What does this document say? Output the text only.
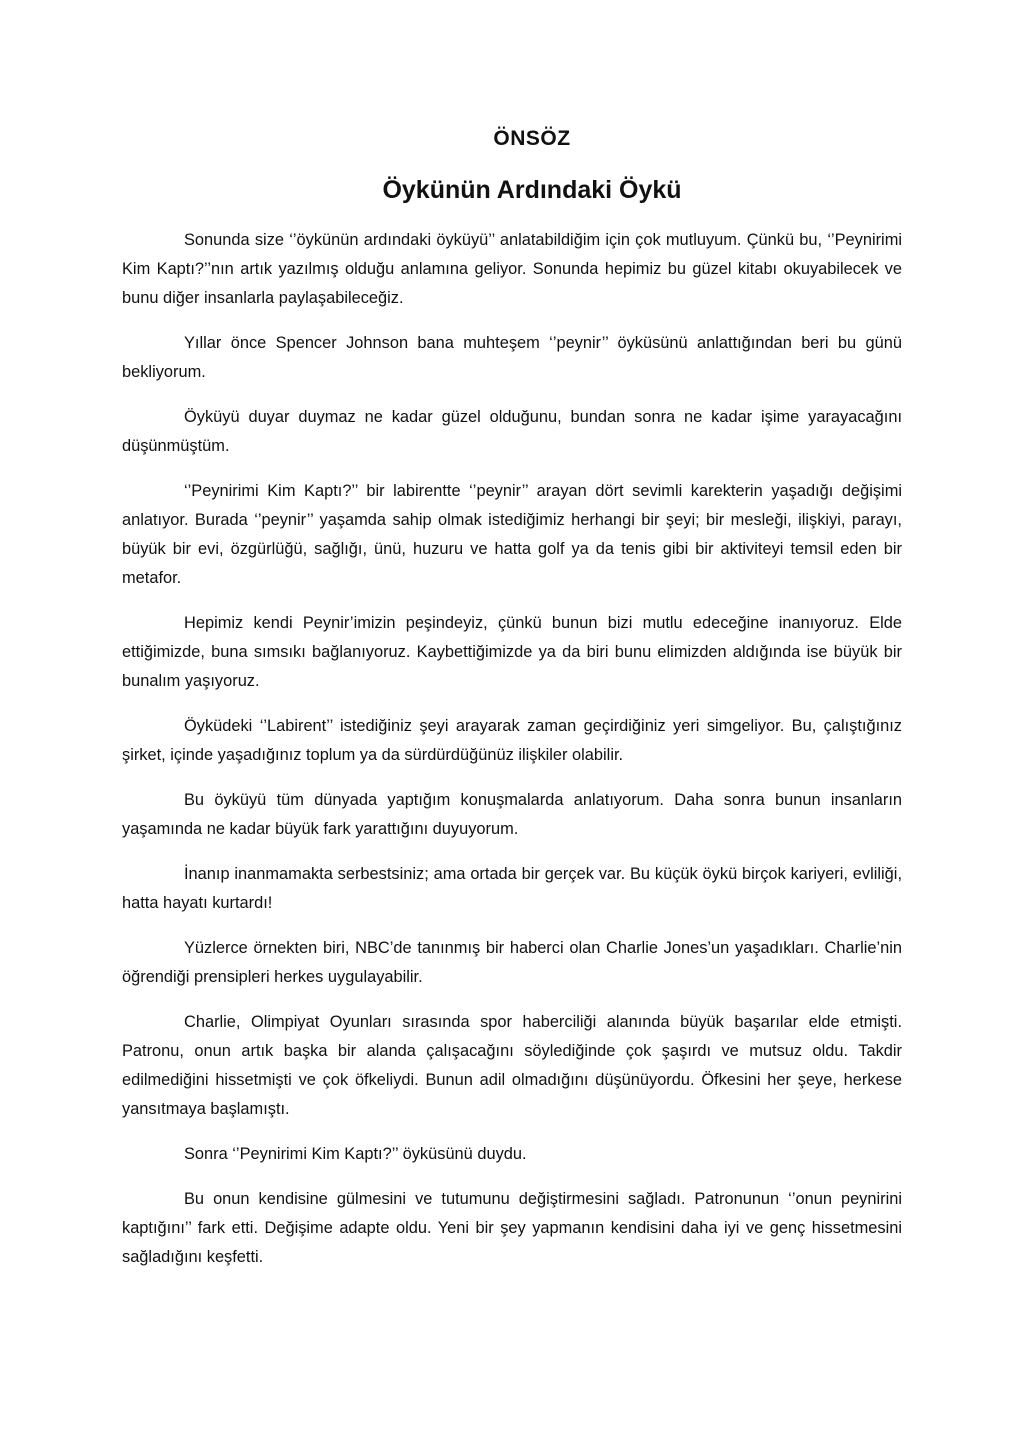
ÖNSÖZ
Öykünün Ardındaki Öykü

Sonunda size ‘’öykünün ardındaki öyküyü’’ anlatabildiğim için çok mutluyum. Çünkü bu, ‘’Peynirimi Kim Kaptı?’’nın artık yazılmış olduğu anlamına geliyor. Sonunda hepimiz bu güzel kitabı okuyabilecek ve bunu diğer insanlarla paylaşabileceğiz.

Yıllar önce Spencer Johnson bana muhteşem ‘’peynir’’ öyküsünü anlattığından beri bu günü bekliyorum.

Öyküyü duyar duymaz ne kadar güzel olduğunu, bundan sonra ne kadar işime yarayacağını düşünmüştüm.

‘’Peynirimi Kim Kaptı?’’ bir labirentte ‘’peynir’’ arayan dört sevimli karekterin yaşadığı değişimi anlatıyor. Burada ‘’peynir’’ yaşamda sahip olmak istediğimiz herhangi bir şeyi; bir mesleği, ilişkiyi, parayı, büyük bir evi, özgürlüğü, sağlığı, ünü, huzuru ve hatta golf ya da tenis gibi bir aktiviteyi temsil eden bir metafor.

Hepimiz kendi Peynir’imizin peşindeyiz, çünkü bunun bizi mutlu edeceğine inanıyoruz. Elde ettiğimizde, buna sımsıkı bağlanıyoruz. Kaybettiğimizde ya da biri bunu elimizden aldığında ise büyük bir bunalım yaşıyoruz.

Öyküdeki ‘’Labirent’’ istediğiniz şeyi arayarak zaman geçirdiğiniz yeri simgeliyor. Bu, çalıştığınız şirket, içinde yaşadığınız toplum ya da sürdürdüğünüz ilişkiler olabilir.

Bu öyküyü tüm dünyada yaptığım konuşmalarda anlatıyorum. Daha sonra bunun insanların yaşamında ne kadar büyük fark yarattığını duyuyorum.

İnanıp inanmamakta serbestsiniz; ama ortada bir gerçek var. Bu küçük öykü birçok kariyeri, evliliği, hatta hayatı kurtardı!

Yüzlerce örnekten biri, NBC’de tanınmış bir haberci olan Charlie Jones’un yaşadıkları. Charlie’nin öğrendiği prensipleri herkes uygulayabilir.

Charlie, Olimpiyat Oyunları sırasında spor haberciliği alanında büyük başarılar elde etmişti. Patronu, onun artık başka bir alanda çalışacağını söylediğinde çok şaşırdı ve mutsuz oldu. Takdir edilmediğini hissetmişti ve çok öfkeliydi. Bunun adil olmadığını düşünüyordu. Öfkesini her şeye, herkese yansıtmaya başlamıştı.

Sonra ‘’Peynirimi Kim Kaptı?’’ öyküsünü duydu.

Bu onun kendisine gülmesini ve tutumunu değiştirmesini sağladı. Patronunun ‘’onun peynirini kaptığını’’ fark etti. Değişime adapte oldu. Yeni bir şey yapmanın kendisini daha iyi ve genç hissetmesini sağladığını keşfetti.
